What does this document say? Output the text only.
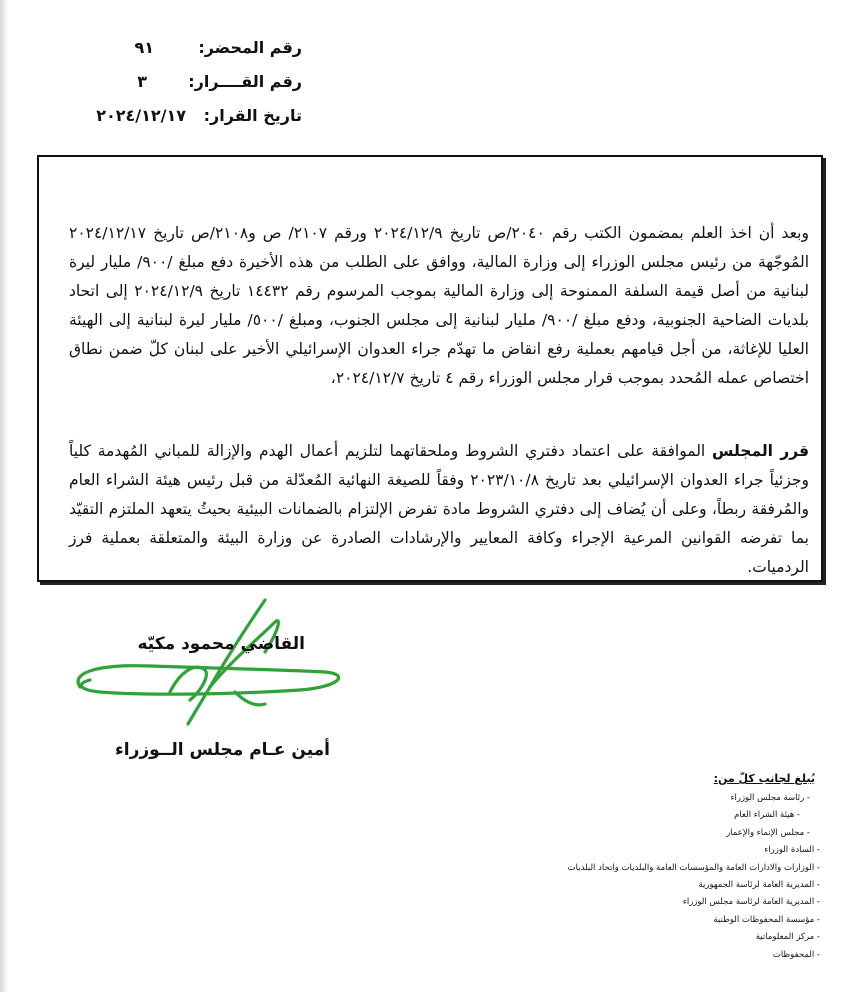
رقم المحضر:
٩١
رقم القــــرار:
٣
تاريخ القرار:
٢٠٢٤/١٢/١٧

وبعد أن اخذ العلم بمضمون الكتب رقم ٢٠٤٠/ص تاريخ ٢٠٢٤/١٢/٩ ورقم ٢١٠٧/ ص و٢١٠٨/ص تاريخ ٢٠٢٤/١٢/١٧ المُوجّهة من رئيس مجلس الوزراء إلى وزارة المالية، ووافق على الطلب من هذه الأخيرة دفع مبلغ /٩٠٠/ مليار ليرة لبنانية من أصل قيمة السلفة الممنوحة إلى وزارة المالية بموجب المرسوم رقم ١٤٤٣٢ تاريخ ٢٠٢٤/١٢/٩ إلى اتحاد بلديات الضاحية الجنوبية، ودفع مبلغ /٩٠٠/ مليار لبنانية إلى مجلس الجنوب، ومبلغ /٥٠٠/ مليار ليرة لبنانية إلى الهيئة العليا للإغاثة، من أجل قيامهم بعملية رفع انقاض ما تهدّم جراء العدوان الإسرائيلي الأخير على لبنان كلّ ضمن نطاق اختصاص عمله المُحدد بموجب قرار مجلس الوزراء رقم ٤ تاريخ ٢٠٢٤/١٢/٧،

قرر المجلس الموافقة على اعتماد دفتري الشروط وملحقاتهما لتلزيم أعمال الهدم والإزالة للمباني المُهدمة كلياً وجزئياً جراء العدوان الإسرائيلي بعد تاريخ ٢٠٢٣/١٠/٨ وفقاً للصيغة النهائية المُعدّلة من قبل رئيس هيئة الشراء العام والمُرفقة ربطاً، وعلى أن يُضاف إلى دفتري الشروط مادة تفرض الإلتزام بالضمانات البيئية بحيثُ يتعهد الملتزم التقيّد بما تفرضه القوانين المرعية الإجراء وكافة المعايير والإرشادات الصادرة عن وزارة البيئة والمتعلقة بعملية فرز الردميات.

القاضي محمود مكيّه
أمين عـام مجلس الــوزراء
يُبلغ لجانب كلّ من:
- رئاسة مجلس الوزراء
- هيئة الشراء العام
- مجلس الإنماء والإعمار
- السادة الوزراء
- الوزارات والادارات العامة والمؤسسات العامة والبلديات واتحاد البلديات
- المديرية العامة لرئاسة الجمهورية
- المديرية العامة لرئاسة مجلس الوزراء
- مؤسسة المحفوظات الوطنية
- مركز المعلوماتية
- المحفوظات
